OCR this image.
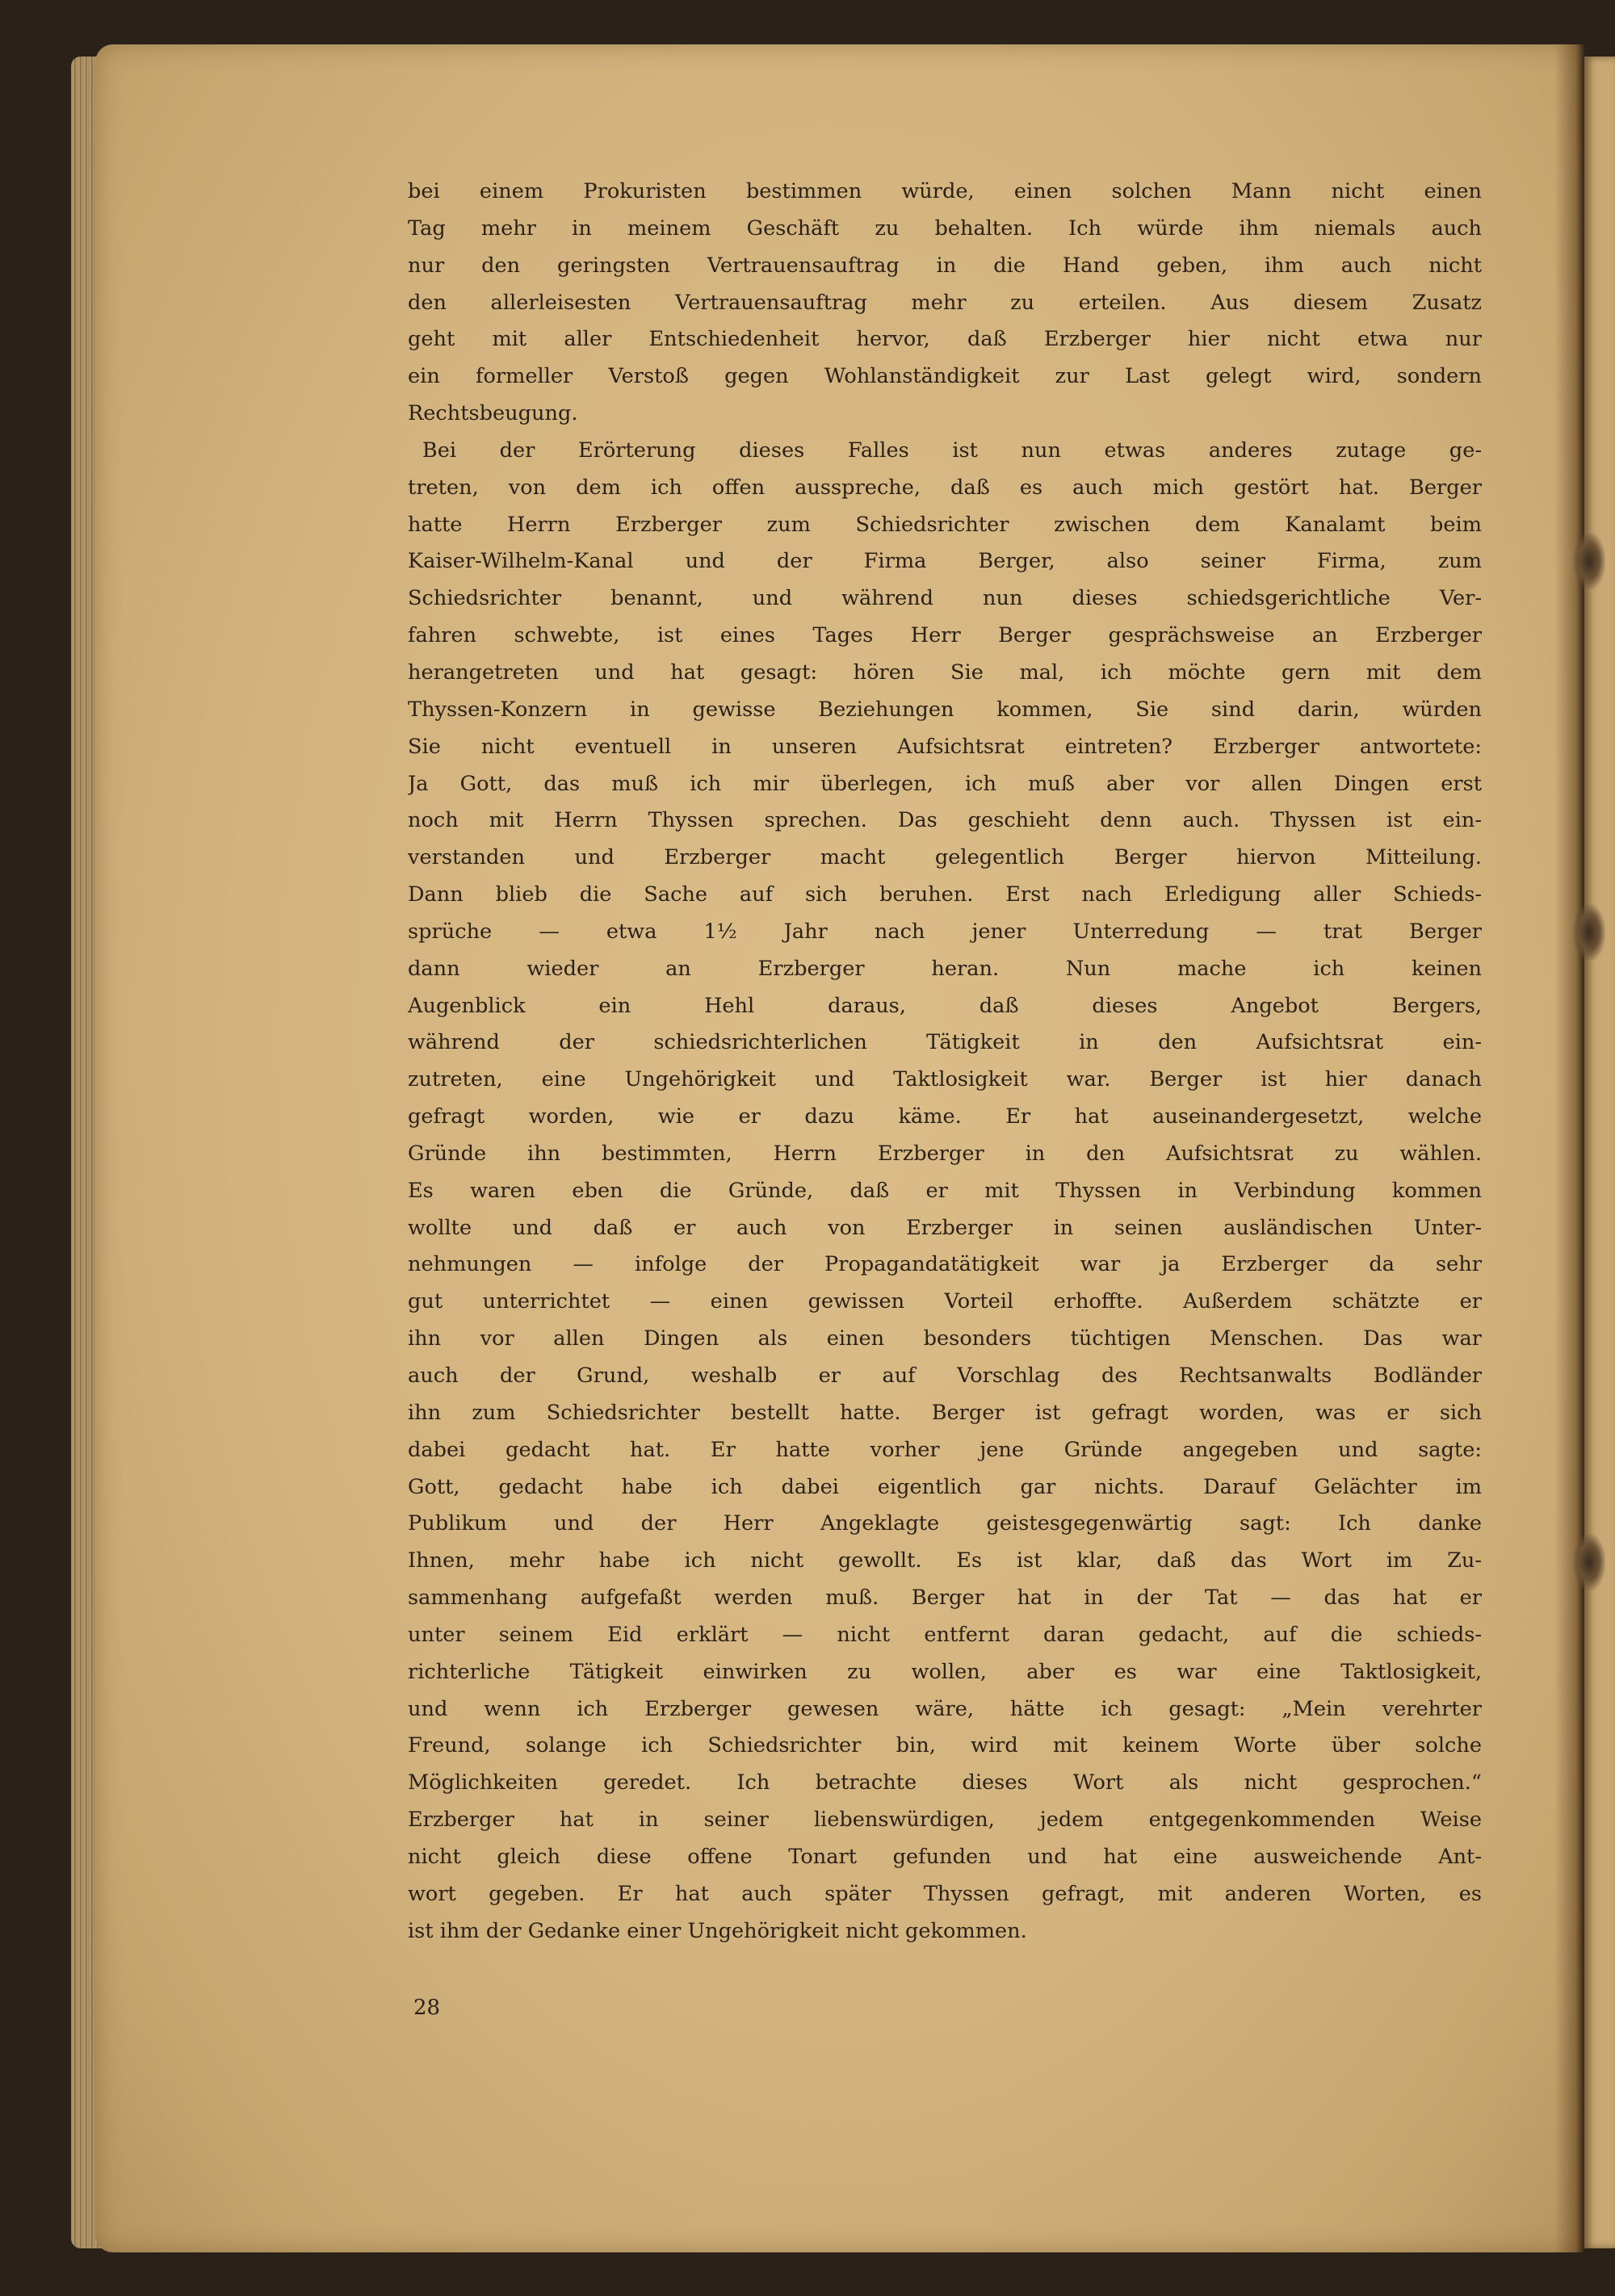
bei einem Prokuristen bestimmen würde, einen solchen Mann nicht einen
Tag mehr in meinem Geschäft zu behalten. Ich würde ihm niemals auch
nur den geringsten Vertrauensauftrag in die Hand geben, ihm auch nicht
den allerleisesten Vertrauensauftrag mehr zu erteilen. Aus diesem Zusatz
geht mit aller Entschiedenheit hervor, daß Erzberger hier nicht etwa nur
ein formeller Verstoß gegen Wohlanständigkeit zur Last gelegt wird, sondern
Rechtsbeugung.
Bei der Erörterung dieses Falles ist nun etwas anderes zutage ge-
treten, von dem ich offen ausspreche, daß es auch mich gestört hat. Berger
hatte Herrn Erzberger zum Schiedsrichter zwischen dem Kanalamt beim
Kaiser-Wilhelm-Kanal und der Firma Berger, also seiner Firma, zum
Schiedsrichter benannt, und während nun dieses schiedsgerichtliche Ver-
fahren schwebte, ist eines Tages Herr Berger gesprächsweise an Erzberger
herangetreten und hat gesagt: hören Sie mal, ich möchte gern mit dem
Thyssen-Konzern in gewisse Beziehungen kommen, Sie sind darin, würden
Sie nicht eventuell in unseren Aufsichtsrat eintreten? Erzberger antwortete:
Ja Gott, das muß ich mir überlegen, ich muß aber vor allen Dingen erst
noch mit Herrn Thyssen sprechen. Das geschieht denn auch. Thyssen ist ein-
verstanden und Erzberger macht gelegentlich Berger hiervon Mitteilung.
Dann blieb die Sache auf sich beruhen. Erst nach Erledigung aller Schieds-
sprüche — etwa 1½ Jahr nach jener Unterredung — trat Berger
dann wieder an Erzberger heran. Nun mache ich keinen
Augenblick ein Hehl daraus, daß dieses Angebot Bergers,
während der schiedsrichterlichen Tätigkeit in den Aufsichtsrat ein-
zutreten, eine Ungehörigkeit und Taktlosigkeit war. Berger ist hier danach
gefragt worden, wie er dazu käme. Er hat auseinandergesetzt, welche
Gründe ihn bestimmten, Herrn Erzberger in den Aufsichtsrat zu wählen.
Es waren eben die Gründe, daß er mit Thyssen in Verbindung kommen
wollte und daß er auch von Erzberger in seinen ausländischen Unter-
nehmungen — infolge der Propagandatätigkeit war ja Erzberger da sehr
gut unterrichtet — einen gewissen Vorteil erhoffte. Außerdem schätzte er
ihn vor allen Dingen als einen besonders tüchtigen Menschen. Das war
auch der Grund, weshalb er auf Vorschlag des Rechtsanwalts Bodländer
ihn zum Schiedsrichter bestellt hatte. Berger ist gefragt worden, was er sich
dabei gedacht hat. Er hatte vorher jene Gründe angegeben und sagte:
Gott, gedacht habe ich dabei eigentlich gar nichts. Darauf Gelächter im
Publikum und der Herr Angeklagte geistesgegenwärtig sagt: Ich danke
Ihnen, mehr habe ich nicht gewollt. Es ist klar, daß das Wort im Zu-
sammenhang aufgefaßt werden muß. Berger hat in der Tat — das hat er
unter seinem Eid erklärt — nicht entfernt daran gedacht, auf die schieds-
richterliche Tätigkeit einwirken zu wollen, aber es war eine Taktlosigkeit,
und wenn ich Erzberger gewesen wäre, hätte ich gesagt: „Mein verehrter
Freund, solange ich Schiedsrichter bin, wird mit keinem Worte über solche
Möglichkeiten geredet. Ich betrachte dieses Wort als nicht gesprochen.“
Erzberger hat in seiner liebenswürdigen, jedem entgegenkommenden Weise
nicht gleich diese offene Tonart gefunden und hat eine ausweichende Ant-
wort gegeben. Er hat auch später Thyssen gefragt, mit anderen Worten, es
ist ihm der Gedanke einer Ungehörigkeit nicht gekommen.
28
